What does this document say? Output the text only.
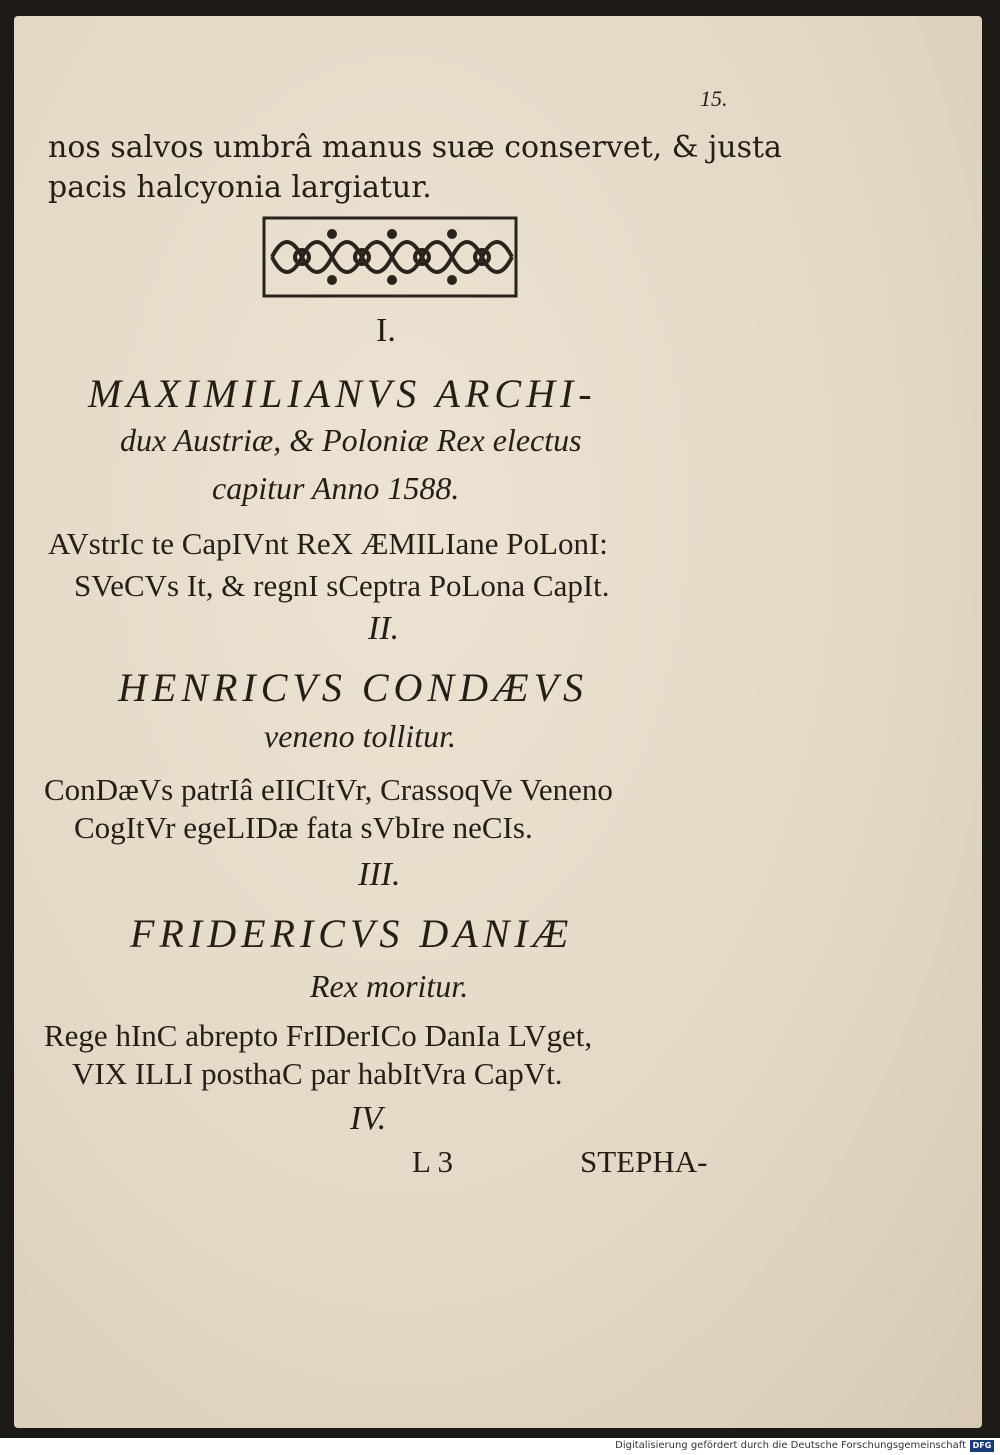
15.
nos salvos umbrâ manus suæ conservet, & justa
pacis halcyonia largiatur.
I.
MAXIMILIANVS ARCHI-
dux Austriæ, & Poloniæ Rex electus
capitur Anno 1588.
AVstrIc te CapIVnt ReX ÆMILIane PoLonI:
SVeCVs It, & regnI sCeptra PoLona CapIt.
II.
HENRICVS CONDÆVS
veneno tollitur.
ConDæVs patrIâ eIICItVr, CrassoqVe Veneno
CogItVr egeLIDæ fata sVbIre neCIs.
III.
FRIDERICVS DANIÆ
Rex moritur.
Rege hInC abrepto FrIDerICo DanIa LVget,
VIX ILLI posthaC par habItVra CapVt.
IV.
L 3	STEPHA-
Digitalisierung gefördert durch die Deutsche Forschungsgemeinschaft DFG
